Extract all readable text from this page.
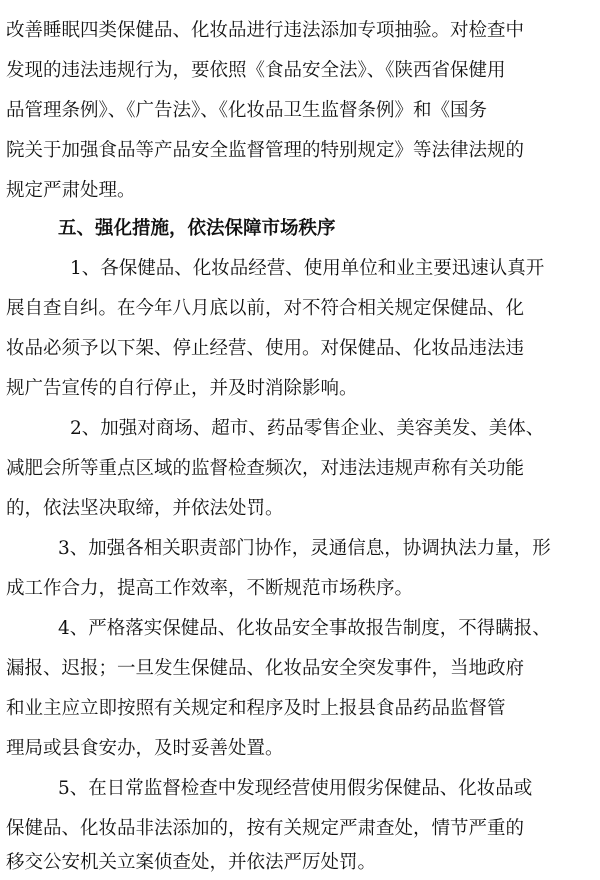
改善睡眠四类保健品、化妆品进行违法添加专项抽验。对检查中
发现的违法违规行为，要依照《食品安全法》、《陕西省保健用
品管理条例》、《广告法》、《化妆品卫生监督条例》和《国务
院关于加强食品等产品安全监督管理的特别规定》等法律法规的
规定严肃处理。
五、强化措施，依法保障市场秩序
1、各保健品、化妆品经营、使用单位和业主要迅速认真开
展自查自纠。在今年八月底以前，对不符合相关规定保健品、化
妆品必须予以下架、停止经营、使用。对保健品、化妆品违法违
规广告宣传的自行停止，并及时消除影响。
2、加强对商场、超市、药品零售企业、美容美发、美体、
减肥会所等重点区域的监督检查频次，对违法违规声称有关功能
的，依法坚决取缔，并依法处罚。
3、加强各相关职责部门协作，灵通信息，协调执法力量，形
成工作合力，提高工作效率，不断规范市场秩序。
4、严格落实保健品、化妆品安全事故报告制度，不得瞒报、
漏报、迟报；一旦发生保健品、化妆品安全突发事件，当地政府
和业主应立即按照有关规定和程序及时上报县食品药品监督管
理局或县食安办，及时妥善处置。
5、在日常监督检查中发现经营使用假劣保健品、化妆品或
保健品、化妆品非法添加的，按有关规定严肃查处，情节严重的
移交公安机关立案侦查处，并依法严厉处罚。
